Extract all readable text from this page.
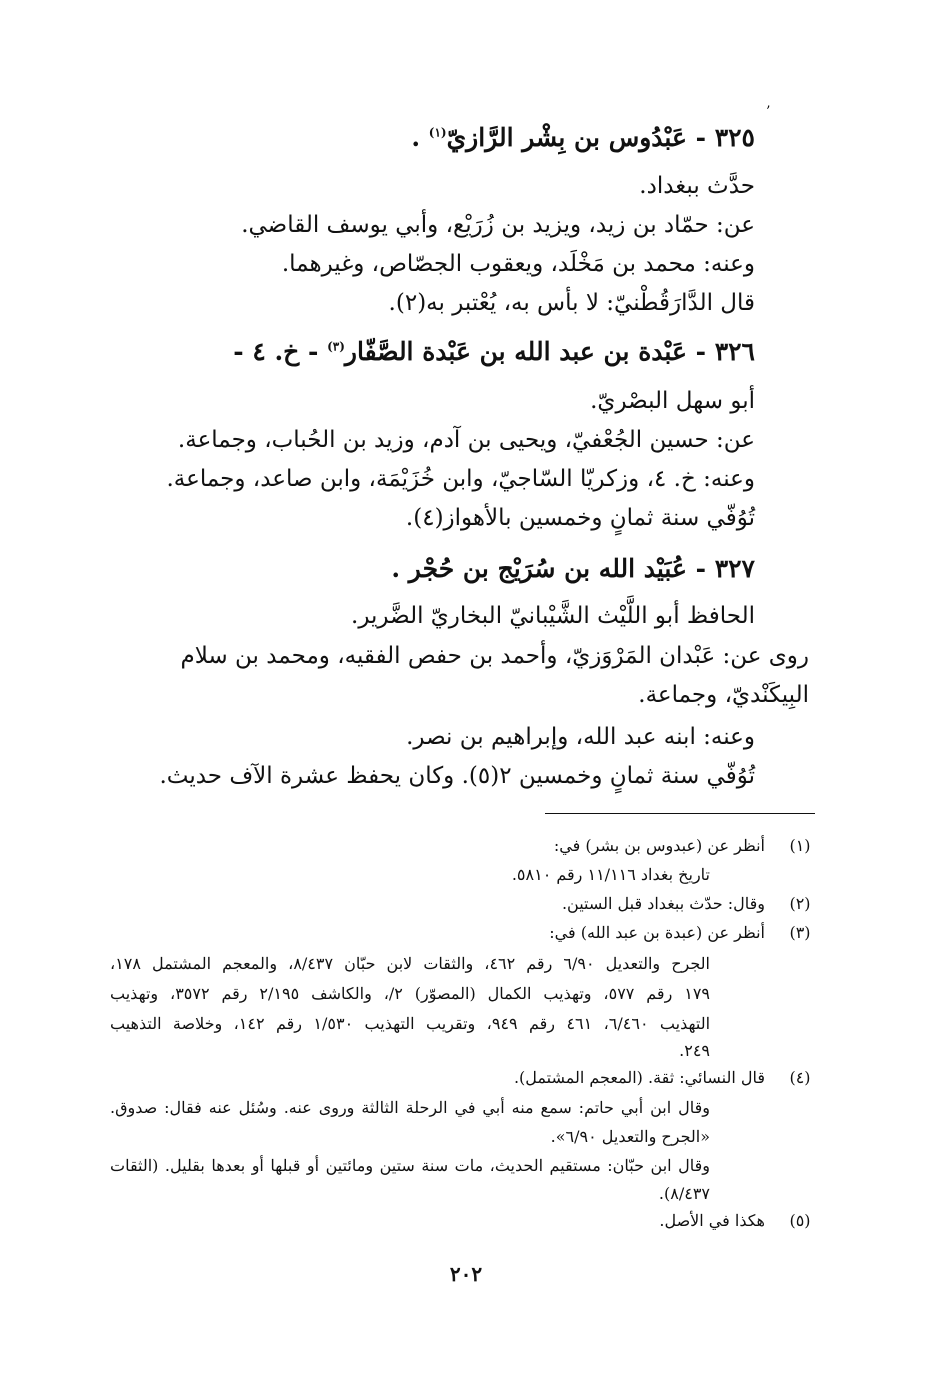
’
٣٢٥ - عَبْدُوس بن بِشْر الرَّازيّ$^{(١)}$ .
حدَّث ببغداد.
عن: حمّاد بن زيد، ويزيد بن زُرَيْع، وأبي يوسف القاضي.
وعنه: محمد بن مَخْلَد، ويعقوب الجصّاص، وغيرهما.
قال الدَّارَقُطْنيّ: لا بأس به، يُعْتبر به(٢).
٣٢٦ - عَبْدة بن عبد الله بن عَبْدة الصَّفّار$^{(٣)}$ - خ. ٤ -
أبو سهل البصْريّ.
عن: حسين الجُعْفيّ، ويحيى بن آدم، وزيد بن الحُباب، وجماعة.
وعنه: خ. ٤، وزكريّا السّاجيّ، وابن خُزَيْمَة، وابن صاعد، وجماعة.
تُوُفّي سنة ثمانٍ وخمسين بالأهواز(٤).
٣٢٧ - عُبَيْد الله بن سُرَيْج بن حُجْر .
الحافظ أبو اللَّيْث الشَّيْبانيّ البخاريّ الضَّرير.
روى عن: عَبْدان المَرْوَزيّ، وأحمد بن حفص الفقيه، ومحمد بن سلام
البِيكَنْديّ، وجماعة.
وعنه: ابنه عبد الله، وإبراهيم بن نصر.
تُوُفّي سنة ثمانٍ وخمسين ٢(٥). وكان يحفظ عشرة الآف حديث.
(١)
أنظر عن (عبدوس بن بشر) في:
تاريخ بغداد ١١/١١٦ رقم ٥٨١٠.
(٢)
وقال: حدّث ببغداد قبل الستين.
(٣)
أنظر عن (عبدة بن عبد الله) في:
الجرح والتعديل ٦/٩٠ رقم ٤٦٢، والثقات لابن حبّان ٨/٤٣٧، والمعجم المشتمل ١٧٨،
١٧٩ رقم ٥٧٧، وتهذيب الكمال (المصوّر) ٢/، والكاشف ٢/١٩٥ رقم ٣٥٧٢، وتهذيب
التهذيب ٦/٤٦٠، ٤٦١ رقم ٩٤٩، وتقريب التهذيب ١/٥٣٠ رقم ١٤٢، وخلاصة التذهيب
٢٤٩.
(٤)
قال النسائي: ثقة. (المعجم المشتمل).
وقال ابن أبي حاتم: سمع منه أبي في الرحلة الثالثة وروى عنه. وسُئل عنه فقال: صدوق.
«الجرح والتعديل ٦/٩٠».
وقال ابن حبّان: مستقيم الحديث، مات سنة ستين ومائتين أو قبلها أو بعدها بقليل. (الثقات
٨/٤٣٧).
(٥)
هكذا في الأصل.
٢٠٢
